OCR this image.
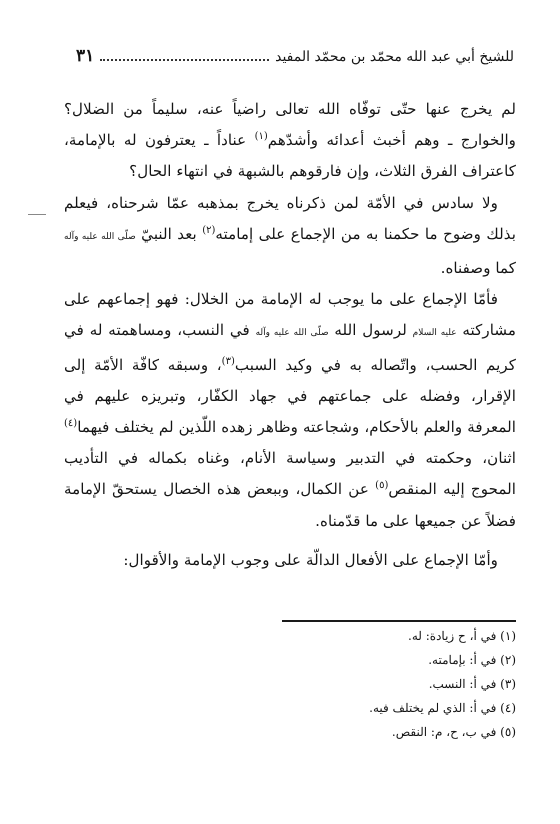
للشيخ أبي عبد الله محمّد بن محمّد المفيد
٣١

لم يخرج عنها حتّى توفّاه الله تعالى راضياً عنه، سليماً من الضلال؟ والخوارج ـ وهم أخبث أعدائه وأشدّهم$^{(١)}$ عناداً ـ يعترفون له بالإمامة، كاعتراف الفرق الثلاث، وإن فارقوهم بالشبهة في انتهاء الحال؟

ولا سادس في الأمّة لمن ذكرناه يخرج بمذهبه عمّا شرحناه، فيعلم بذلك وضوح ما حكمنا به من الإجماع على إمامته$^{(٢)}$ بعد النبيّ صلّى الله عليه وآله كما وصفناه.

فأمّا الإجماع على ما يوجب له الإمامة من الخلال: فهو إجماعهم على مشاركته عليه السلام لرسول الله صلّى الله عليه وآله في النسب، ومساهمته له في كريم الحسب، واتّصاله به في وكيد السبب$^{(٣)}$، وسبقه كافّة الأمّة إلى الإقرار، وفضله على جماعتهم في جهاد الكفّار، وتبريزه عليهم في المعرفة والعلم بالأحكام، وشجاعته وظاهر زهده اللّذين لم يختلف فيهما$^{(٤)}$ اثنان، وحكمته في التدبير وسياسة الأنام، وغناه بكماله في التأديب المحوج إليه المنقص$^{(٥)}$ عن الكمال، وببعض هذه الخصال يستحقّ الإمامة فضلاً عن جميعها على ما قدّمناه.

وأمّا الإجماع على الأفعال الدالّة على وجوب الإمامة والأقوال:

(١) في أ، ح زيادة: له.
(٢) في أ: بإمامته.
(٣) في أ: النسب.
(٤) في أ: الذي لم يختلف فيه.
(٥) في ب، ح، م: النقص.
